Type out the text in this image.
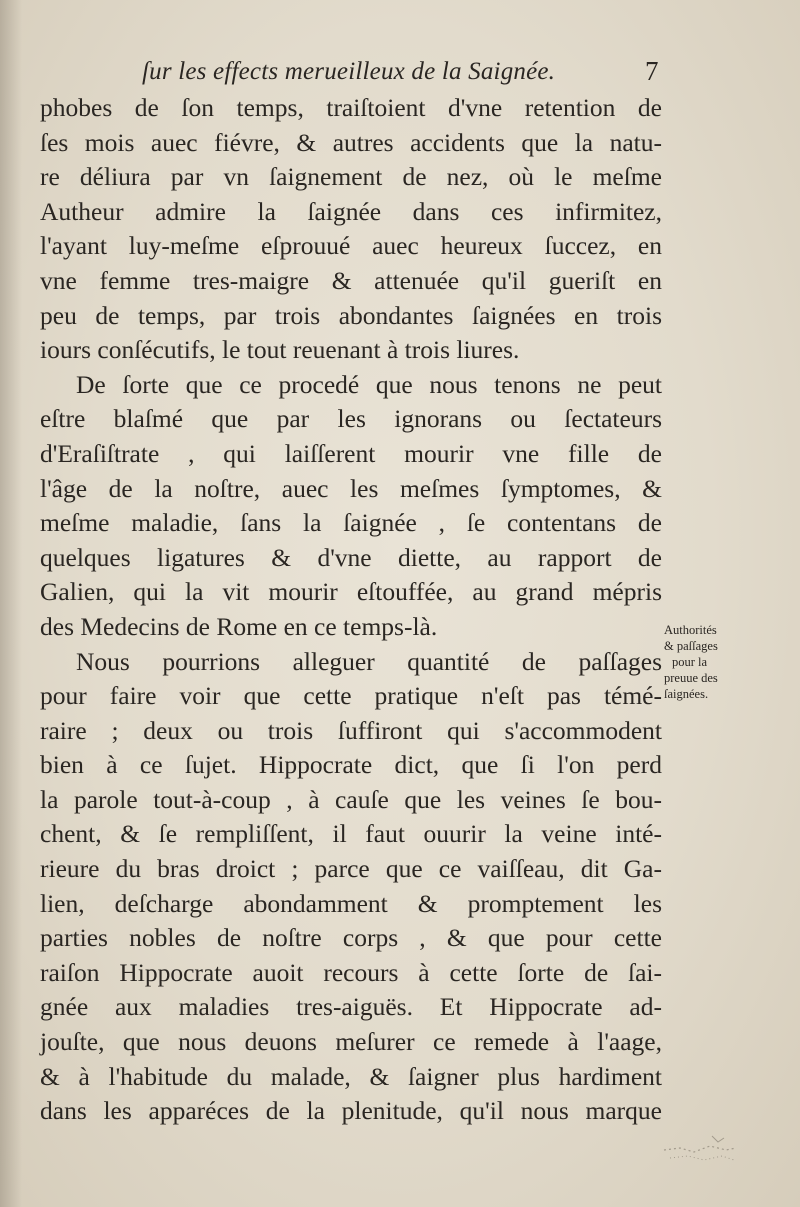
ſur les effects merueilleux de la Saignée.	7
phobes de ſon temps, traiſtoient d'vne retention de
ſes mois auec fiévre, & autres accidents que la natu-
re déliura par vn ſaignement de nez, où le meſme
Autheur admire la ſaignée dans ces infirmitez,
l'ayant luy-meſme eſprouué auec heureux ſuccez, en
vne femme tres-maigre & attenuée qu'il gueriſt en
peu de temps, par trois abondantes ſaignées en trois
iours conſécutifs, le tout reuenant à trois liures.
De ſorte que ce procedé que nous tenons ne peut
eſtre blaſmé que par les ignorans ou ſectateurs
d'Eraſiſtrate , qui laiſſerent mourir vne fille de
l'âge de la noſtre, auec les meſmes ſymptomes, &
meſme maladie, ſans la ſaignée , ſe contentans de
quelques ligatures & d'vne diette, au rapport de
Galien, qui la vit mourir eſtouffée, au grand mépris
des Medecins de Rome en ce temps-là.
Nous pourrions alleguer quantité de paſſages
pour faire voir que cette pratique n'eſt pas témé-
raire ; deux ou trois ſuffiront qui s'accommodent
bien à ce ſujet. Hippocrate dict, que ſi l'on perd
la parole tout-à-coup , à cauſe que les veines ſe bou-
chent, & ſe rempliſſent, il faut ouurir la veine inté-
rieure du bras droict ; parce que ce vaiſſeau, dit Ga-
lien, deſcharge abondamment & promptement les
parties nobles de noſtre corps , & que pour cette
raiſon Hippocrate auoit recours à cette ſorte de ſai-
gnée aux maladies tres-aiguës. Et Hippocrate ad-
jouſte, que nous deuons meſurer ce remede à l'aage,
& à l'habitude du malade, & ſaigner plus hardiment
dans les apparéces de la plenitude, qu'il nous marque
Authorités
& paſſages
pour la
preuue des
ſaignées.
